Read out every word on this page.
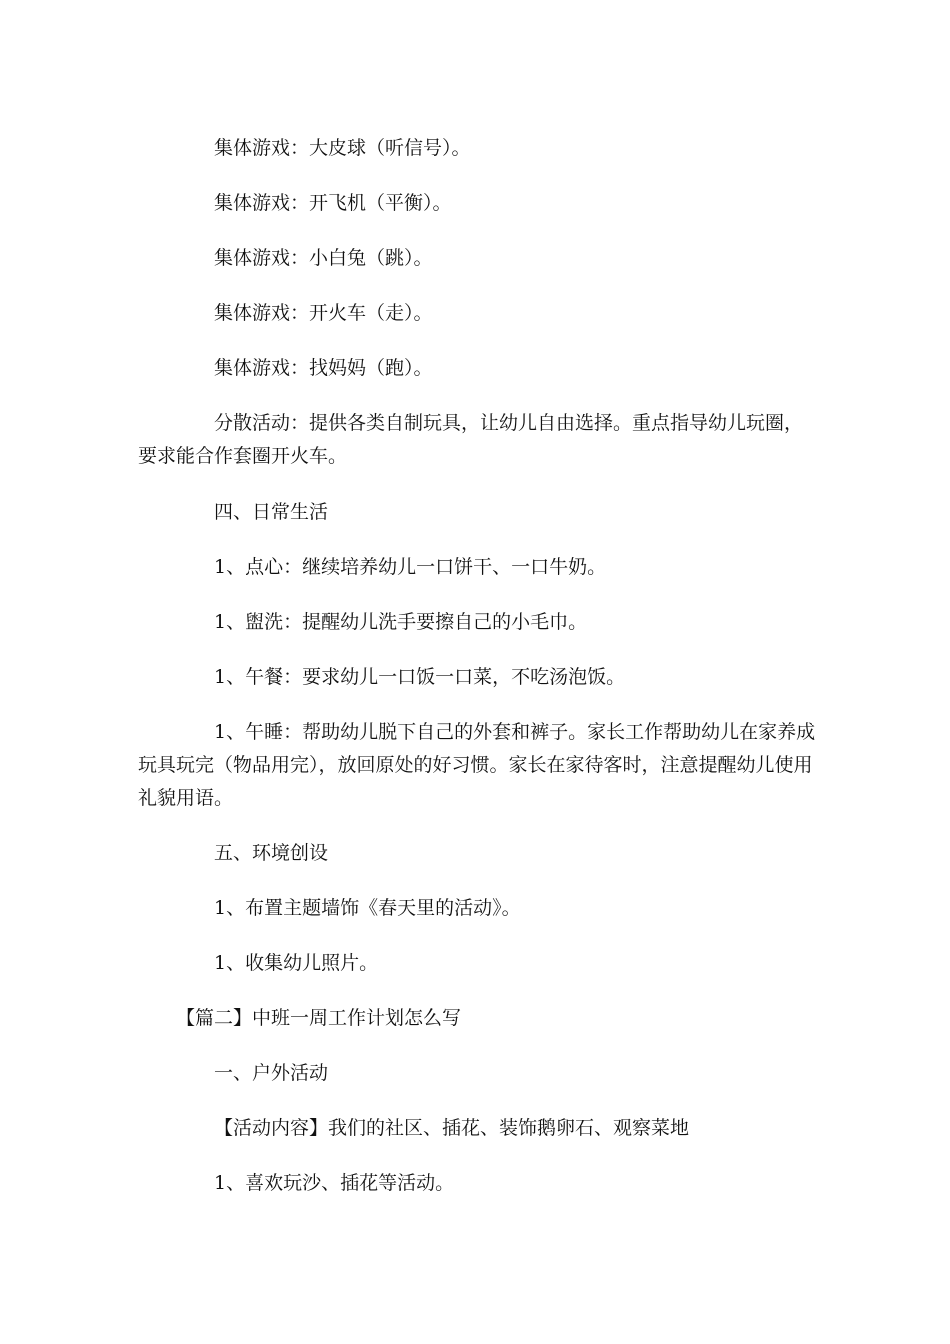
集体游戏：大皮球（听信号）。

集体游戏：开飞机（平衡）。

集体游戏：小白兔（跳）。

集体游戏：开火车（走）。

集体游戏：找妈妈（跑）。

分散活动：提供各类自制玩具，让幼儿自由选择。重点指导幼儿玩圈，要求能合作套圈开火车。

四、日常生活

1、点心：继续培养幼儿一口饼干、一口牛奶。

1、盥洗：提醒幼儿洗手要擦自己的小毛巾。

1、午餐：要求幼儿一口饭一口菜，不吃汤泡饭。

1、午睡：帮助幼儿脱下自己的外套和裤子。家长工作帮助幼儿在家养成玩具玩完（物品用完），放回原处的好习惯。家长在家待客时，注意提醒幼儿使用礼貌用语。

五、环境创设

1、布置主题墙饰《春天里的活动》。

1、收集幼儿照片。

【篇二】中班一周工作计划怎么写

一、户外活动

【活动内容】我们的社区、插花、装饰鹅卵石、观察菜地

1、喜欢玩沙、插花等活动。
